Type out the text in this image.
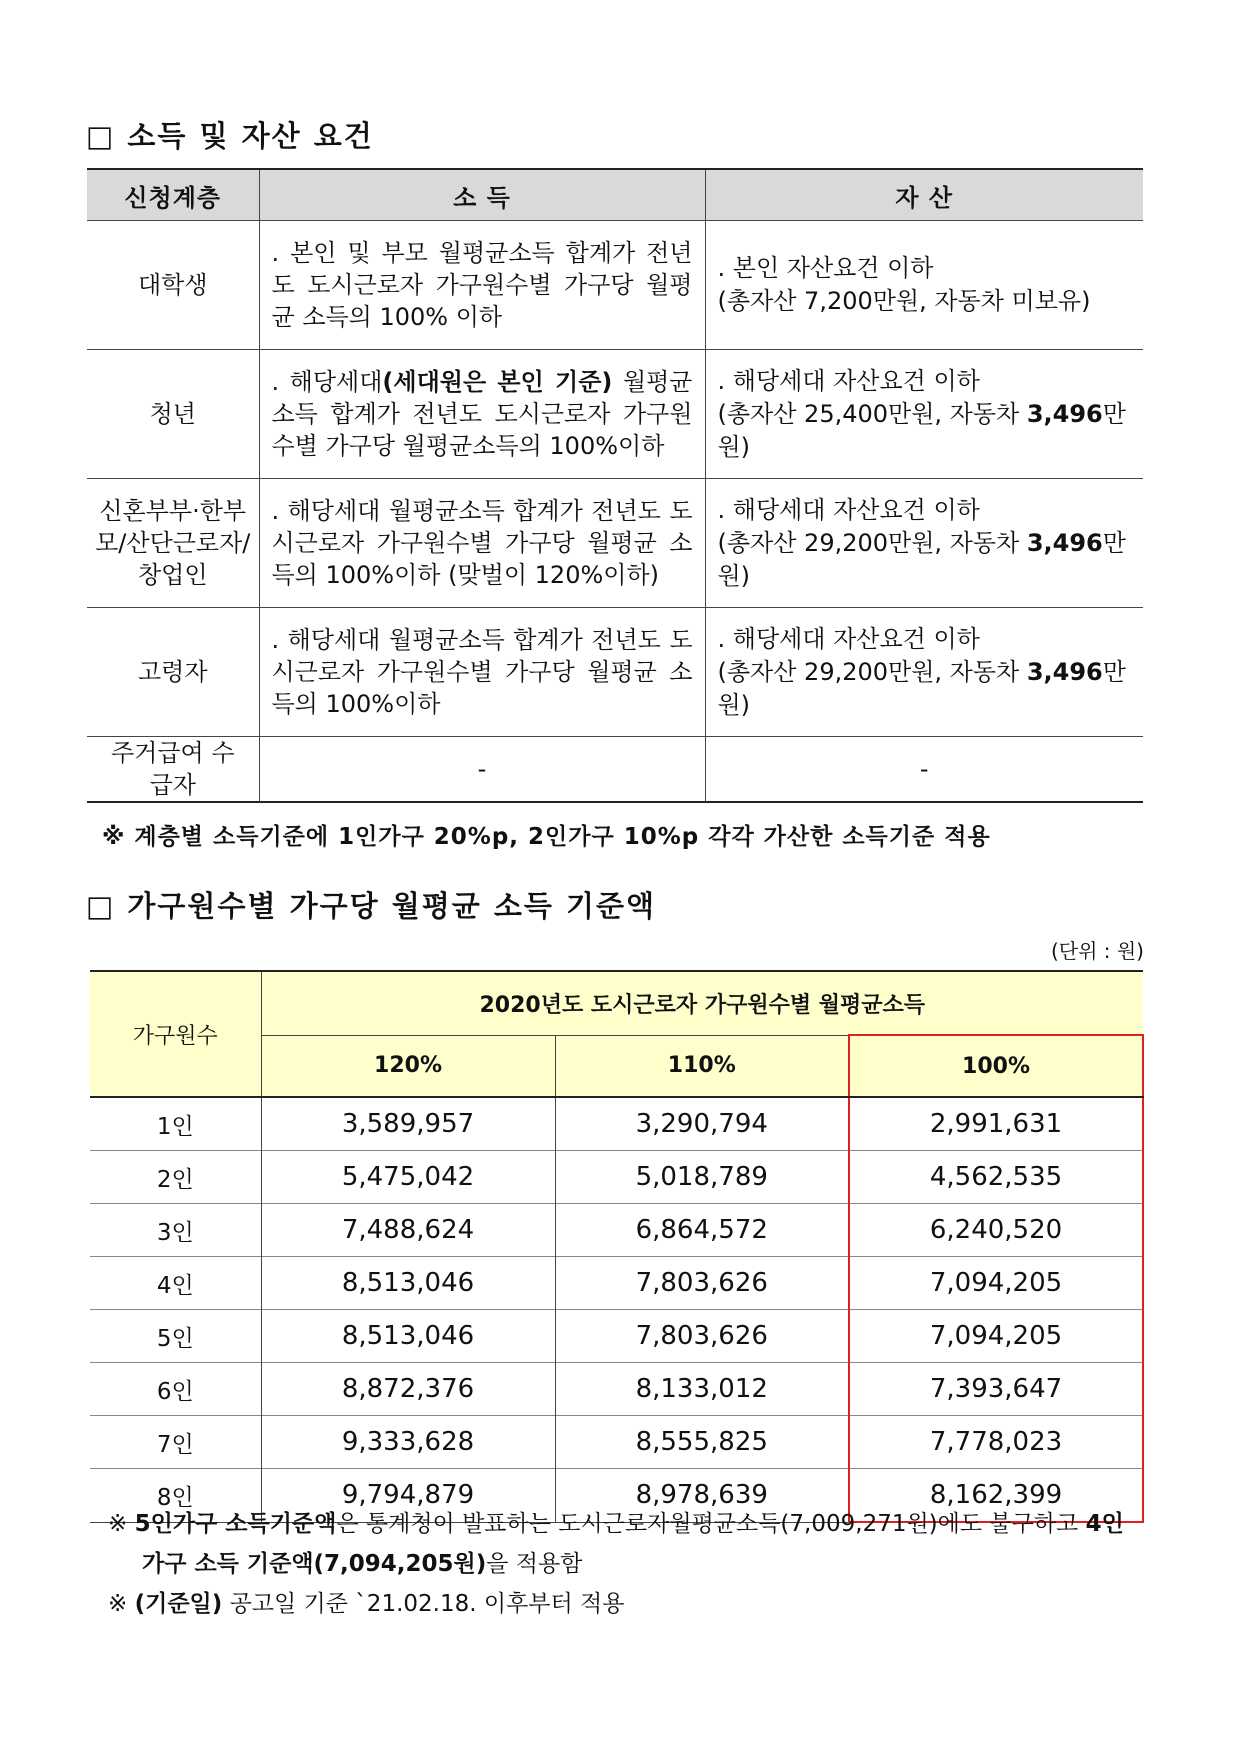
□ 소득 및 자산 요건
신청계층	소 득	자 산
대학생	. 본인 및 부모 월평균소득 합계가 전년도 도시근로자 가구원수별 가구당 월평균 소득의 100% 이하	. 본인 자산요건 이하
(총자산 7,200만원, 자동차 미보유)

청년	. 해당세대(세대원은 본인 기준) 월평균소득 합계가 전년도 도시근로자 가구원수별 가구당 월평균소득의 100%이하	. 해당세대 자산요건 이하
(총자산 25,400만원, 자동차 3,496만원)

신혼부부·한부모/산단근로자/창업인	. 해당세대 월평균소득 합계가 전년도 도시근로자 가구원수별 가구당 월평균 소득의 100%이하 (맞벌이 120%이하)	. 해당세대 자산요건 이하
(총자산 29,200만원, 자동차 3,496만원)

고령자	. 해당세대 월평균소득 합계가 전년도 도시근로자 가구원수별 가구당 월평균 소득의 100%이하	. 해당세대 자산요건 이하
(총자산 29,200만원, 자동차 3,496만원)

주거급여 수급자	-	-

※ 계층별 소득기준에 1인가구 20%p, 2인가구 10%p 각각 가산한 소득기준 적용

□ 가구원수별 가구당 월평균 소득 기준액
(단위 : 원)
가구원수	2020년도 도시근로자 가구원수별 월평균소득		
	120%	110%	100%
1인	3,589,957	3,290,794	2,991,631
2인	5,475,042	5,018,789	4,562,535
3인	7,488,624	6,864,572	6,240,520
4인	8,513,046	7,803,626	7,094,205
5인	8,513,046	7,803,626	7,094,205
6인	8,872,376	8,133,012	7,393,647
7인	9,333,628	8,555,825	7,778,023
8인	9,794,879	8,978,639	8,162,399

※ 5인가구 소득기준액은 통계청이 발표하는 도시근로자월평균소득(7,009,271원)에도 불구하고 4인
가구 소득 기준액(7,094,205원)을 적용함

※ (기준일) 공고일 기준 `21.02.18. 이후부터 적용
